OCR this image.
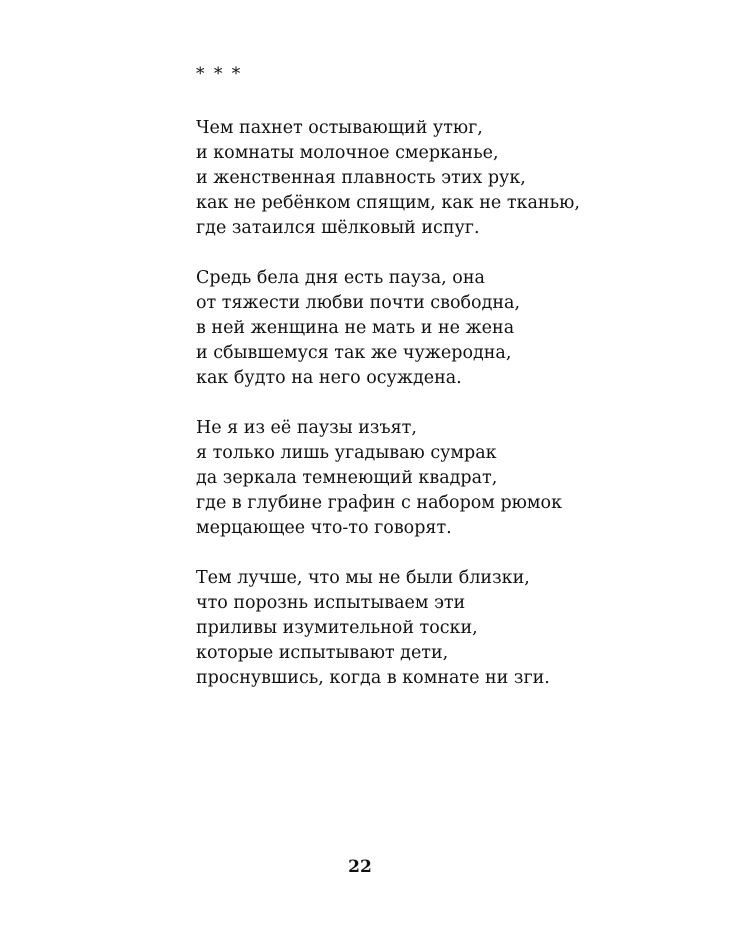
* * *
Чем пахнет остывающий утюг,
и комнаты молочное смерканье,
и женственная плавность этих рук,
как не ребёнком спящим, как не тканью,
где затаился шёлковый испуг.
Средь бела дня есть пауза, она
от тяжести любви почти свободна,
в ней женщина не мать и не жена
и сбывшемуся так же чужеродна,
как будто на него осуждена.
Не я из её паузы изъят,
я только лишь угадываю сумрак
да зеркала темнеющий квадрат,
где в глубине графин с набором рюмок
мерцающее что-то говорят.
Тем лучше, что мы не были близки,
что порознь испытываем эти
приливы изумительной тоски,
которые испытывают дети,
проснувшись, когда в комнате ни зги.
22
